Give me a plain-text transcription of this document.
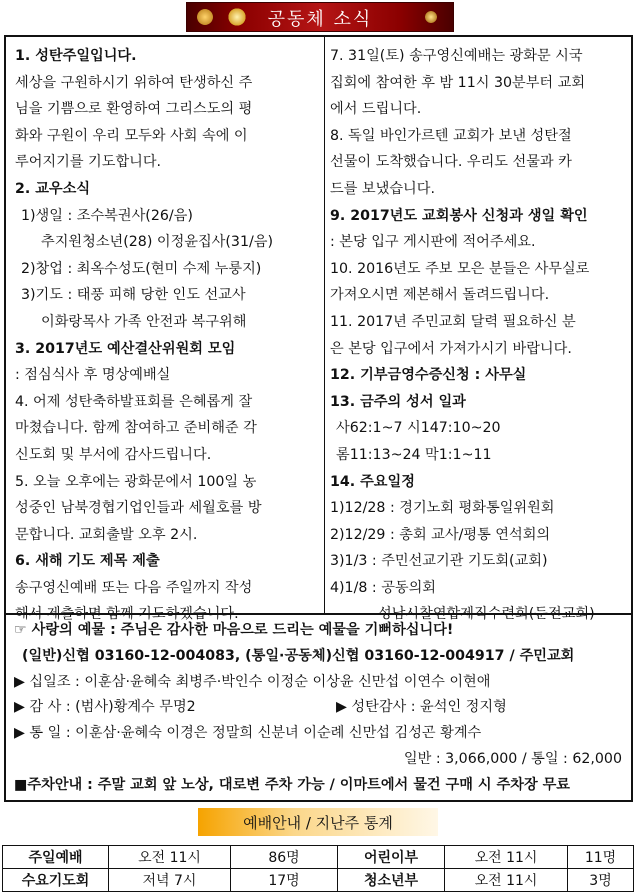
공동체 소식
1. 성탄주일입니다.
세상을 구원하시기 위하여 탄생하신 주
님을 기쁨으로 환영하여 그리스도의 평
화와 구원이 우리 모두와 사회 속에 이
루어지기를 기도합니다.
2. 교우소식
1)생일 : 조수복권사(26/음)
추지원청소년(28) 이정윤집사(31/음)
2)창업 : 최옥수성도(현미 수제 누룽지)
3)기도 : 태풍 피해 당한 인도 선교사
이화랑목사 가족 안전과 복구위해
3. 2017년도 예산결산위원회 모임
: 점심식사 후 명상예배실
4. 어제 성탄축하발표회를 은혜롭게 잘
마쳤습니다. 함께 참여하고 준비해준 각
신도회 및 부서에 감사드립니다.
5. 오늘 오후에는 광화문에서 100일 농
성중인 남북경협기업인들과 세월호를 방
문합니다. 교회출발 오후 2시.
6. 새해 기도 제목 제출
송구영신예배 또는 다음 주일까지 작성
해서 제출하면 함께 기도하겠습니다.
7. 31일(토) 송구영신예배는 광화문 시국
집회에 참여한 후 밤 11시 30분부터 교회
에서 드립니다.
8. 독일 바인가르텐 교회가 보낸 성탄절
선물이 도착했습니다. 우리도 선물과 카
드를 보냈습니다.
9. 2017년도 교회봉사 신청과 생일 확인
: 본당 입구 게시판에 적어주세요.
10. 2016년도 주보 모은 분들은 사무실로
가져오시면 제본해서 돌려드립니다.
11. 2017년 주민교회 달력 필요하신 분
은 본당 입구에서 가져가시기 바랍니다.
12. 기부금영수증신청 : 사무실
13. 금주의 성서 일과
사62:1~7 시147:10~20
롬11:13~24 막1:1~11
14. 주요일정
1)12/28 : 경기노회 평화통일위원회
2)12/29 : 총회 교사/평통 연석회의
3)1/3 : 주민선교기관 기도회(교회)
4)1/8 : 공동의회
성남시찰연합제직수련회(둔전교회)
☞ 사랑의 예물 : 주님은 감사한 마음으로 드리는 예물을 기뻐하십니다!
(일반)신협 03160-12-004083, (통일·공동체)신협 03160-12-004917 / 주민교회
▶ 십일조 : 이훈삼·윤혜숙 최병주·박인수 이정순 이상윤 신만섭 이연수 이현애
▶ 감 사 : (범사)황계수 무명2	▶ 성탄감사 : 윤석인 정지형
▶ 통 일 : 이훈삼·윤혜숙 이경은 정말희 신분녀 이순례 신만섭 김성곤 황계수
일반 : 3,066,000 / 통일 : 62,000
■주차안내 : 주말 교회 앞 노상, 대로변 주차 가능 / 이마트에서 물건 구매 시 주차장 무료
예배안내 / 지난주 통계
주일예배	오전 11시	86명	어린이부	오전 11시	11명
수요기도회	저녁 7시	17명	청소년부	오전 11시	3명
